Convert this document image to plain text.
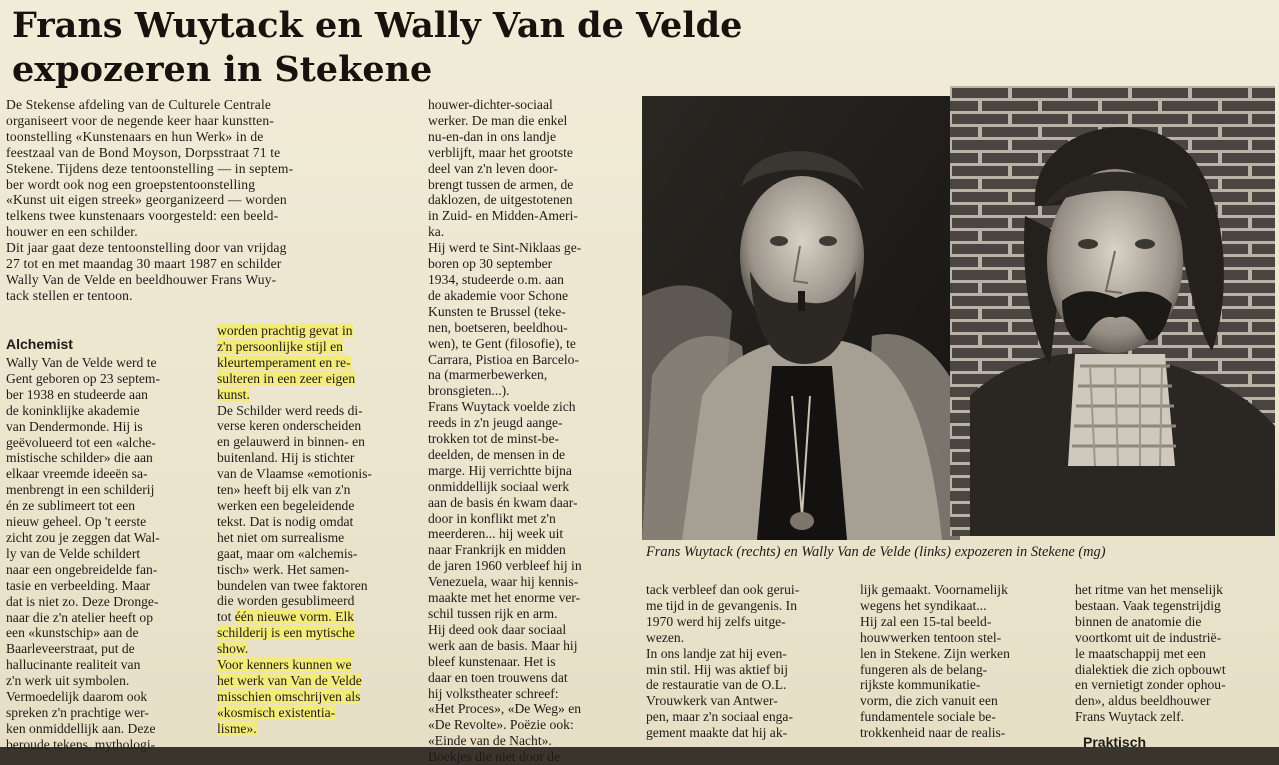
Frans Wuytack en Wally Van de Velde
expozeren in Stekene

De Stekense afdeling van de Culturele Centrale
organiseert voor de negende keer haar kunstten-
toonstelling «Kunstenaars en hun Werk» in de
feestzaal van de Bond Moyson, Dorpsstraat 71 te
Stekene. Tijdens deze tentoonstelling — in septem-
ber wordt ook nog een groepstentoonstelling
«Kunst uit eigen streek» georganizeerd — worden
telkens twee kunstenaars voorgesteld: een beeld-
houwer en een schilder.
Dit jaar gaat deze tentoonstelling door van vrijdag
27 tot en met maandag 30 maart 1987 en schilder
Wally Van de Velde en beeldhouwer Frans Wuy-
tack stellen er tentoon.

Alchemist

Wally Van de Velde werd te
Gent geboren op 23 septem-
ber 1938 en studeerde aan
de koninklijke akademie
van Dendermonde. Hij is
geëvolueerd tot een «alche-
mistische schilder» die aan
elkaar vreemde ideeën sa-
menbrengt in een schilderij
én ze sublimeert tot een
nieuw geheel. Op 't eerste
zicht zou je zeggen dat Wal-
ly van de Velde schildert
naar een ongebreidelde fan-
tasie en verbeelding. Maar
dat is niet zo. Deze Dronge-
naar die z'n atelier heeft op
een «kunstschip» aan de
Baarleveerstraat, put de
hallucinante realiteit van
z'n werk uit symbolen.
Vermoedelijk daarom ook
spreken z'n prachtige wer-
ken onmiddellijk aan. Deze
beroude tekens, mythologi-

worden prachtig gevat in
z'n persoonlijke stijl en
kleurtemperament en re-
sulteren in een zeer eigen
kunst.
De Schilder werd reeds di-
verse keren onderscheiden
en gelauwerd in binnen- en
buitenland. Hij is stichter
van de Vlaamse «emotionis-
ten» heeft bij elk van z'n
werken een begeleidende
tekst. Dat is nodig omdat
het niet om surrealisme
gaat, maar om «alchemis-
tisch» werk. Het samen-
bundelen van twee faktoren
die worden gesublimeerd
tot één nieuwe vorm. Elk
schilderij is een mytische
show.
Voor kenners kunnen we
het werk van Van de Velde
misschien omschrijven als
«kosmisch existentia-
lisme».

houwer-dichter-sociaal
werker. De man die enkel
nu-en-dan in ons landje
verblijft, maar het grootste
deel van z'n leven door-
brengt tussen de armen, de
daklozen, de uitgestotenen
in Zuid- en Midden-Ameri-
ka.
Hij werd te Sint-Niklaas ge-
boren op 30 september
1934, studeerde o.m. aan
de akademie voor Schone
Kunsten te Brussel (teke-
nen, boetseren, beeldhou-
wen), te Gent (filosofie), te
Carrara, Pistioa en Barcelo-
na (marmerbewerken,
bronsgieten...).
Frans Wuytack voelde zich
reeds in z'n jeugd aange-
trokken tot de minst-be-
deelden, de mensen in de
marge. Hij verrichtte bijna
onmiddellijk sociaal werk
aan de basis én kwam daar-
door in konflikt met z'n
meerderen... hij week uit
naar Frankrijk en midden
de jaren 1960 verbleef hij in
Venezuela, waar hij kennis-
maakte met het enorme ver-
schil tussen rijk en arm.
Hij deed ook daar sociaal
werk aan de basis. Maar hij
bleef kunstenaar. Het is
daar en toen trouwens dat
hij volkstheater schreef:
«Het Proces», «De Weg» en
«De Revolte». Poëzie ook:
«Einde van de Nacht».
Boekjes die niet door de

Frans Wuytack (rechts) en Wally Van de Velde (links) expozeren in Stekene (mg)

tack verbleef dan ook gerui-
me tijd in de gevangenis. In
1970 werd hij zelfs uitge-
wezen.
In ons landje zat hij even-
min stil. Hij was aktief bij
de restauratie van de O.L.
Vrouwkerk van Antwer-
pen, maar z'n sociaal enga-
gement maakte dat hij ak-

lijk gemaakt. Voornamelijk
wegens het syndikaat...
Hij zal een 15-tal beeld-
houwwerken tentoon stel-
len in Stekene. Zijn werken
fungeren als de belang-
rijkste kommunikatie-
vorm, die zich vanuit een
fundamentele sociale be-
trokkenheid naar de realis-

het ritme van het menselijk
bestaan. Vaak tegenstrijdig
binnen de anatomie die
voortkomt uit de industrië-
le maatschappij met een
dialektiek die zich opbouwt
en vernietigt zonder ophou-
den», aldus beeldhouwer
Frans Wuytack zelf.

Praktisch
